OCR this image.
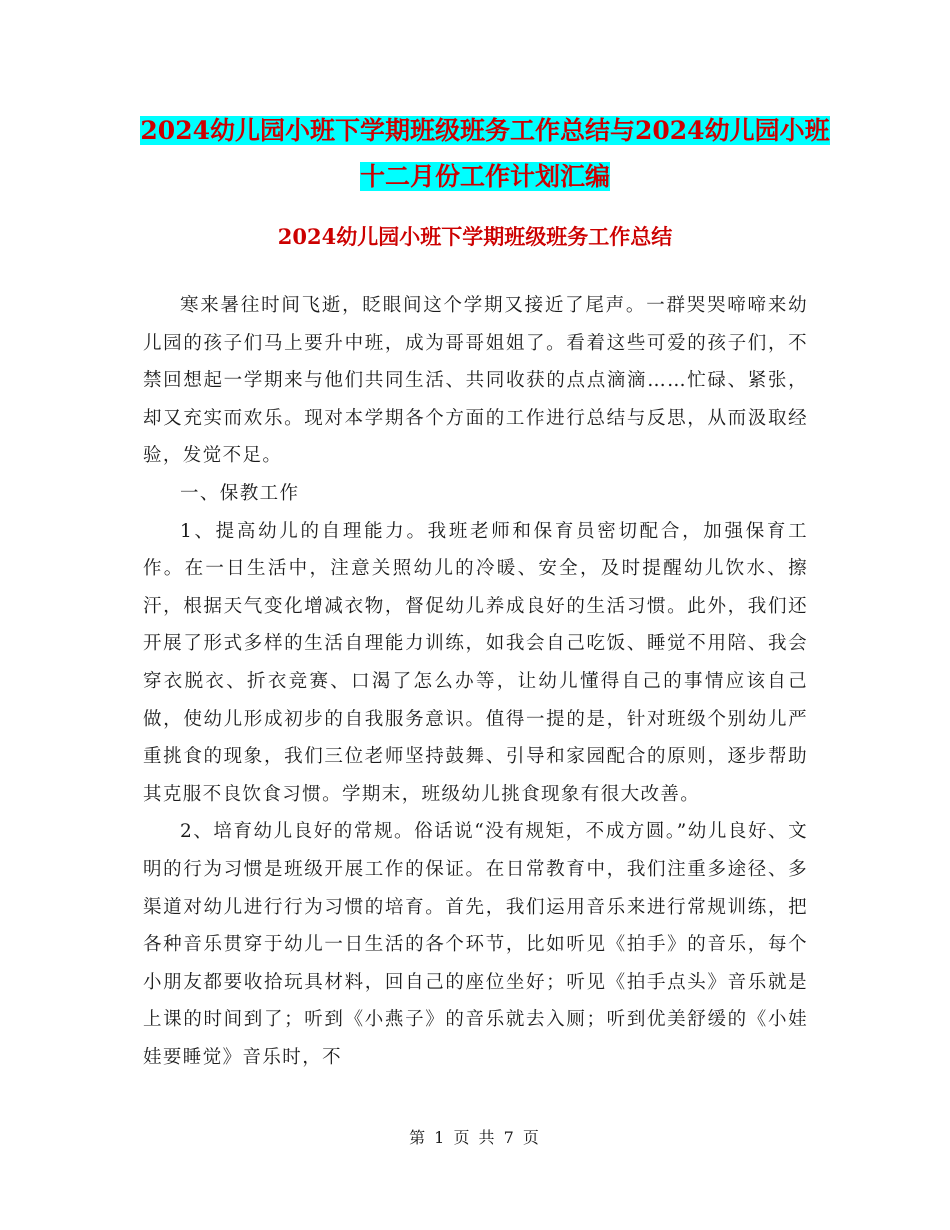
2024幼儿园小班下学期班级班务工作总结与2024幼儿园小班十二月份工作计划汇编
2024幼儿园小班下学期班级班务工作总结

寒来暑往时间飞逝，眨眼间这个学期又接近了尾声。一群哭哭啼啼来幼儿园的孩子们马上要升中班，成为哥哥姐姐了。看着这些可爱的孩子们，不禁回想起一学期来与他们共同生活、共同收获的点点滴滴……忙碌、紧张，却又充实而欢乐。现对本学期各个方面的工作进行总结与反思，从而汲取经验，发觉不足。

一、保教工作

1、提高幼儿的自理能力。我班老师和保育员密切配合，加强保育工作。在一日生活中，注意关照幼儿的冷暖、安全，及时提醒幼儿饮水、擦汗，根据天气变化增减衣物，督促幼儿养成良好的生活习惯。此外，我们还开展了形式多样的生活自理能力训练，如我会自己吃饭、睡觉不用陪、我会穿衣脱衣、折衣竞赛、口渴了怎么办等，让幼儿懂得自己的事情应该自己做，使幼儿形成初步的自我服务意识。值得一提的是，针对班级个别幼儿严重挑食的现象，我们三位老师坚持鼓舞、引导和家园配合的原则，逐步帮助其克服不良饮食习惯。学期末，班级幼儿挑食现象有很大改善。

2、培育幼儿良好的常规。俗话说“没有规矩，不成方圆。”幼儿良好、文明的行为习惯是班级开展工作的保证。在日常教育中，我们注重多途径、多渠道对幼儿进行行为习惯的培育。首先，我们运用音乐来进行常规训练，把各种音乐贯穿于幼儿一日生活的各个环节，比如听见《拍手》的音乐，每个小朋友都要收拾玩具材料，回自己的座位坐好；听见《拍手点头》音乐就是上课的时间到了；听到《小燕子》的音乐就去入厕；听到优美舒缓的《小娃娃要睡觉》音乐时，不

第 1 页 共 7 页
